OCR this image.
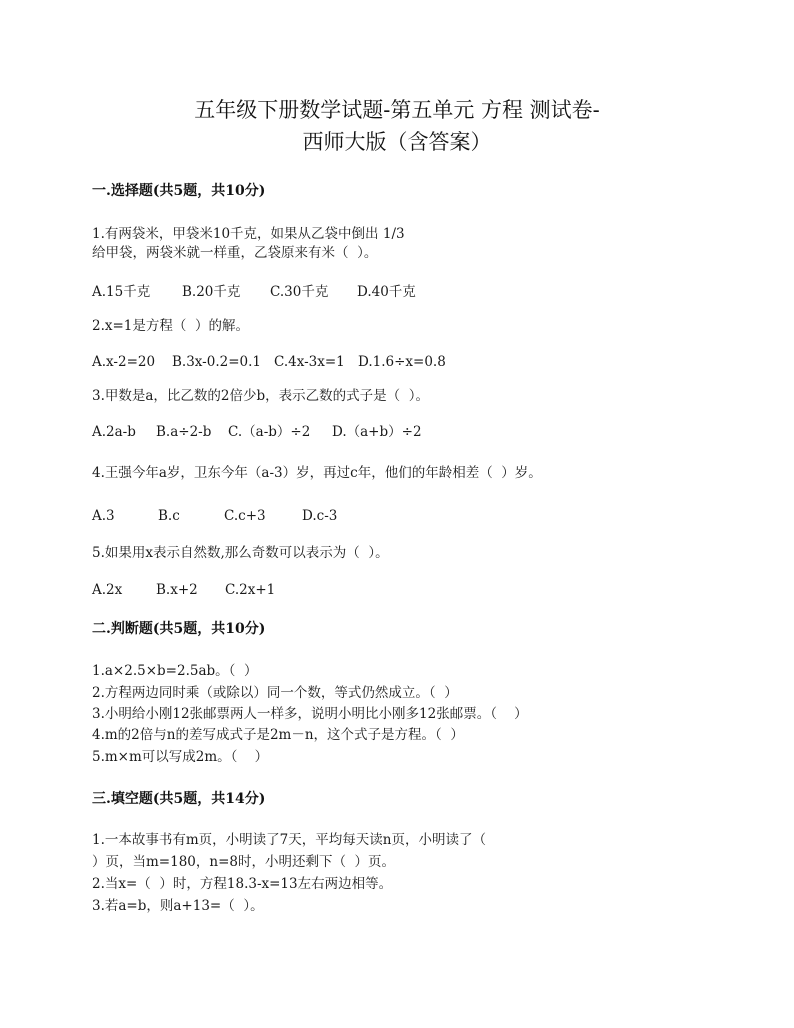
五年级下册数学试题-第五单元 方程 测试卷-
西师大版（含答案）
一.选择题(共5题，共10分)
1.有两袋米，甲袋米10千克，如果从乙袋中倒出 1/3
给甲袋，两袋米就一样重，乙袋原来有米（  ）。
A.15千克 B.20千克 C.30千克 D.40千克
2.x=1是方程（  ）的解。
A.x-2=20 B.3x-0.2=0.1 C.4x-3x=1 D.1.6÷x=0.8
3.甲数是a，比乙数的2倍少b，表示乙数的式子是（  ）。
A.2a-b B.a÷2-b C.（a-b）÷2 D.（a+b）÷2
4.王强今年a岁，卫东今年（a-3）岁，再过c年，他们的年龄相差（  ）岁。
A.3	B.c	C.c+3	D.c-3
5.如果用x表示自然数,那么奇数可以表示为（  ）。
A.2x	B.x+2 C.2x+1
二.判断题(共5题，共10分)
1.a×2.5×b=2.5ab。（  ）
2.方程两边同时乘（或除以）同一个数，等式仍然成立。（  ）
3.小明给小刚12张邮票两人一样多，说明小明比小刚多12张邮票。（    ）
4.m的2倍与n的差写成式子是2m－n，这个式子是方程。（  ）
5.m×m可以写成2m。（    ）
三.填空题(共5题，共14分)
1.一本故事书有m页，小明读了7天，平均每天读n页，小明读了（
）页，当m=180，n=8时，小明还剩下（  ）页。
2.当x=（  ）时，方程18.3-x=13左右两边相等。
3.若a=b，则a+13=（  ）。
